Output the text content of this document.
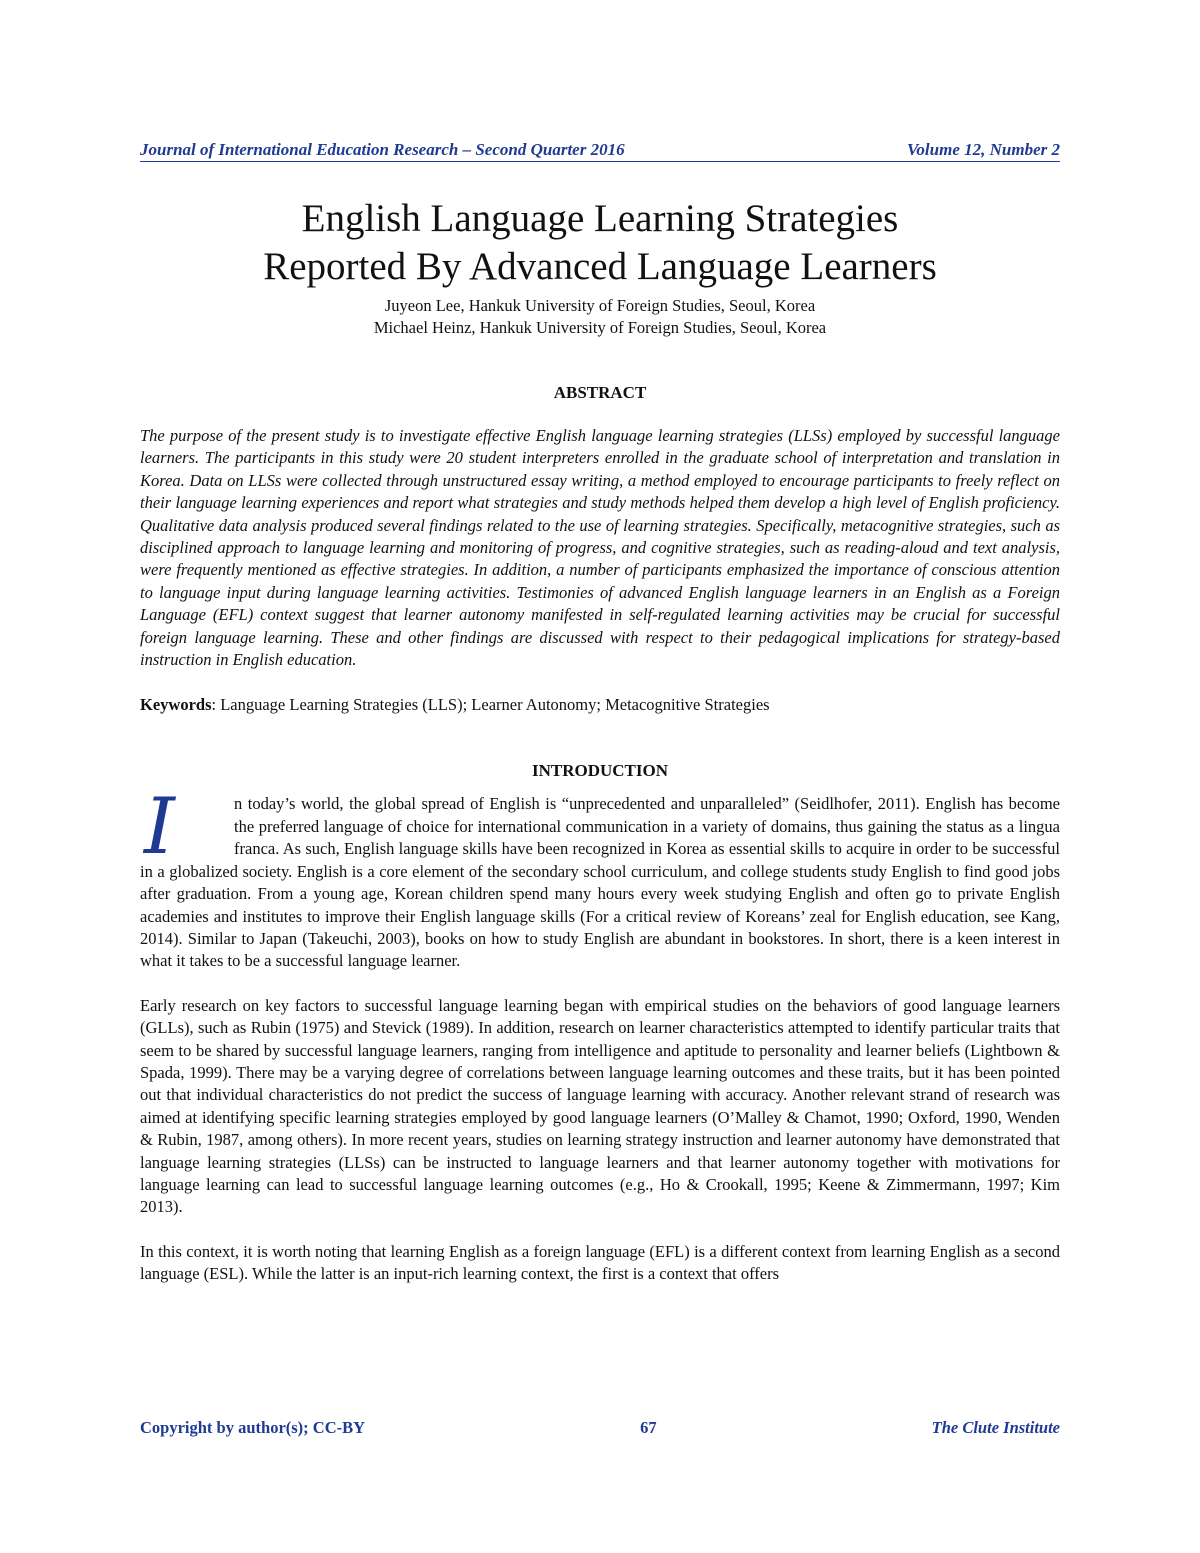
Journal of International Education Research – Second Quarter 2016	Volume 12, Number 2
English Language Learning Strategies
Reported By Advanced Language Learners
Juyeon Lee, Hankuk University of Foreign Studies, Seoul, Korea
Michael Heinz, Hankuk University of Foreign Studies, Seoul, Korea
ABSTRACT
The purpose of the present study is to investigate effective English language learning strategies (LLSs) employed by successful language learners. The participants in this study were 20 student interpreters enrolled in the graduate school of interpretation and translation in Korea. Data on LLSs were collected through unstructured essay writing, a method employed to encourage participants to freely reflect on their language learning experiences and report what strategies and study methods helped them develop a high level of English proficiency. Qualitative data analysis produced several findings related to the use of learning strategies. Specifically, metacognitive strategies, such as disciplined approach to language learning and monitoring of progress, and cognitive strategies, such as reading-aloud and text analysis, were frequently mentioned as effective strategies. In addition, a number of participants emphasized the importance of conscious attention to language input during language learning activities. Testimonies of advanced English language learners in an English as a Foreign Language (EFL) context suggest that learner autonomy manifested in self-regulated learning activities may be crucial for successful foreign language learning. These and other findings are discussed with respect to their pedagogical implications for strategy-based instruction in English education.
Keywords: Language Learning Strategies (LLS); Learner Autonomy; Metacognitive Strategies
INTRODUCTION
I	n today’s world, the global spread of English is “unprecedented and unparalleled” (Seidlhofer, 2011). English has become the preferred language of choice for international communication in a variety of domains, thus gaining the status as a lingua franca. As such, English language skills have been recognized in Korea as essential skills to acquire in order to be successful in a globalized society. English is a core element of the secondary school curriculum, and college students study English to find good jobs after graduation. From a young age, Korean children spend many hours every week studying English and often go to private English academies and institutes to improve their English language skills (For a critical review of Koreans’ zeal for English education, see Kang, 2014). Similar to Japan (Takeuchi, 2003), books on how to study English are abundant in bookstores. In short, there is a keen interest in what it takes to be a successful language learner.
Early research on key factors to successful language learning began with empirical studies on the behaviors of good language learners (GLLs), such as Rubin (1975) and Stevick (1989). In addition, research on learner characteristics attempted to identify particular traits that seem to be shared by successful language learners, ranging from intelligence and aptitude to personality and learner beliefs (Lightbown & Spada, 1999). There may be a varying degree of correlations between language learning outcomes and these traits, but it has been pointed out that individual characteristics do not predict the success of language learning with accuracy. Another relevant strand of research was aimed at identifying specific learning strategies employed by good language learners (O’Malley & Chamot, 1990; Oxford, 1990, Wenden & Rubin, 1987, among others). In more recent years, studies on learning strategy instruction and learner autonomy have demonstrated that language learning strategies (LLSs) can be instructed to language learners and that learner autonomy together with motivations for language learning can lead to successful language learning outcomes (e.g., Ho & Crookall, 1995; Keene & Zimmermann, 1997; Kim 2013).
In this context, it is worth noting that learning English as a foreign language (EFL) is a different context from learning English as a second language (ESL). While the latter is an input-rich learning context, the first is a context that offers
Copyright by author(s); CC-BY	67	The Clute Institute
